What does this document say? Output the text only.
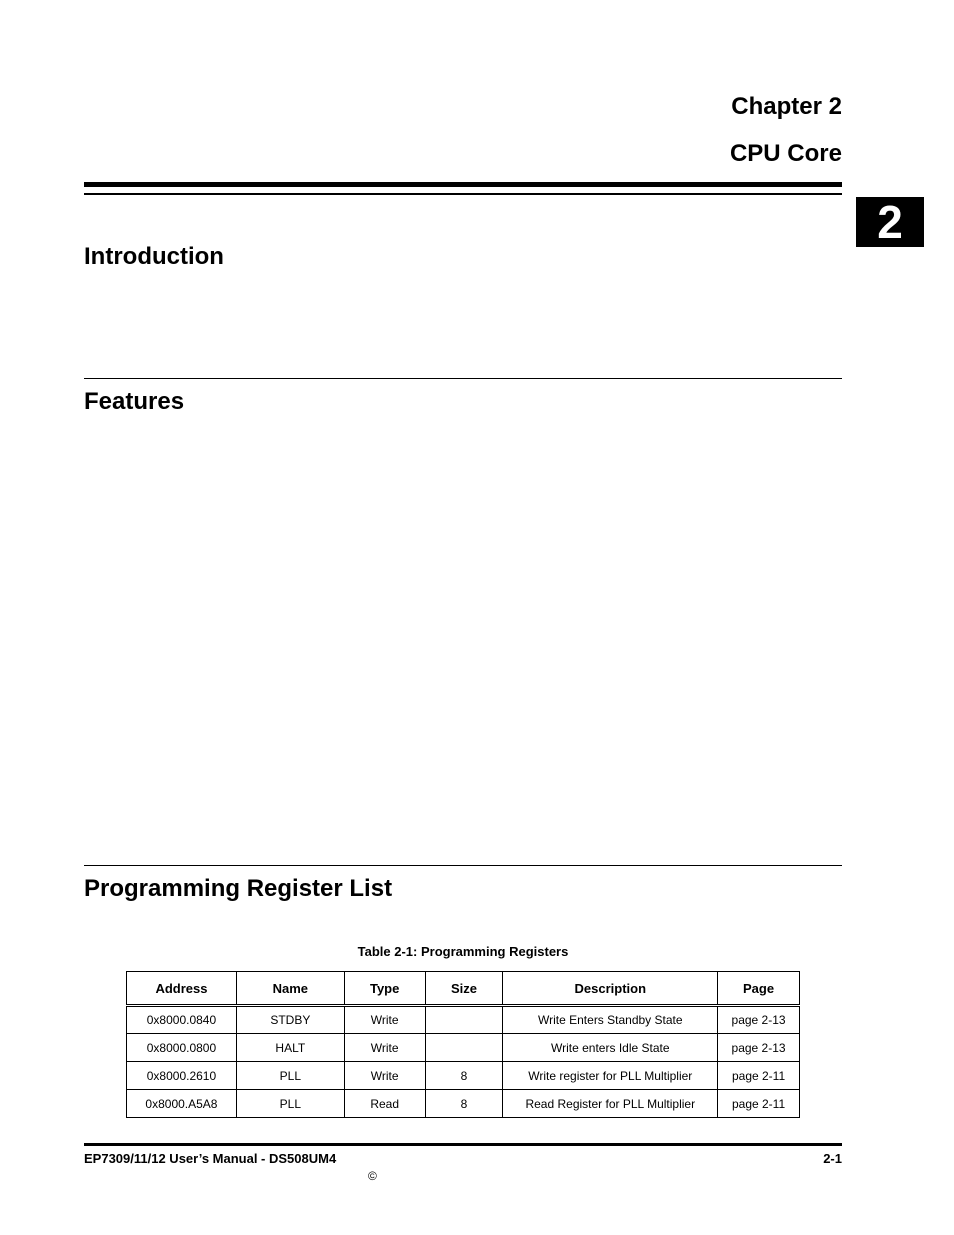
Chapter 2
CPU Core
2
Introduction
Features
Programming Register List
Table 2-1: Programming Registers
Address	Name	Type	Size	Description	Page
0x8000.0840	STDBY	Write		Write Enters Standby State	page 2-13
0x8000.0800	HALT	Write		Write enters Idle State	page 2-13
0x8000.2610	PLL	Write	8	Write register for PLL Multiplier	page 2-11
0x8000.A5A8	PLL	Read	8	Read Register for PLL Multiplier	page 2-11
EP7309/11/12 User’s Manual - DS508UM4	2-1
©
